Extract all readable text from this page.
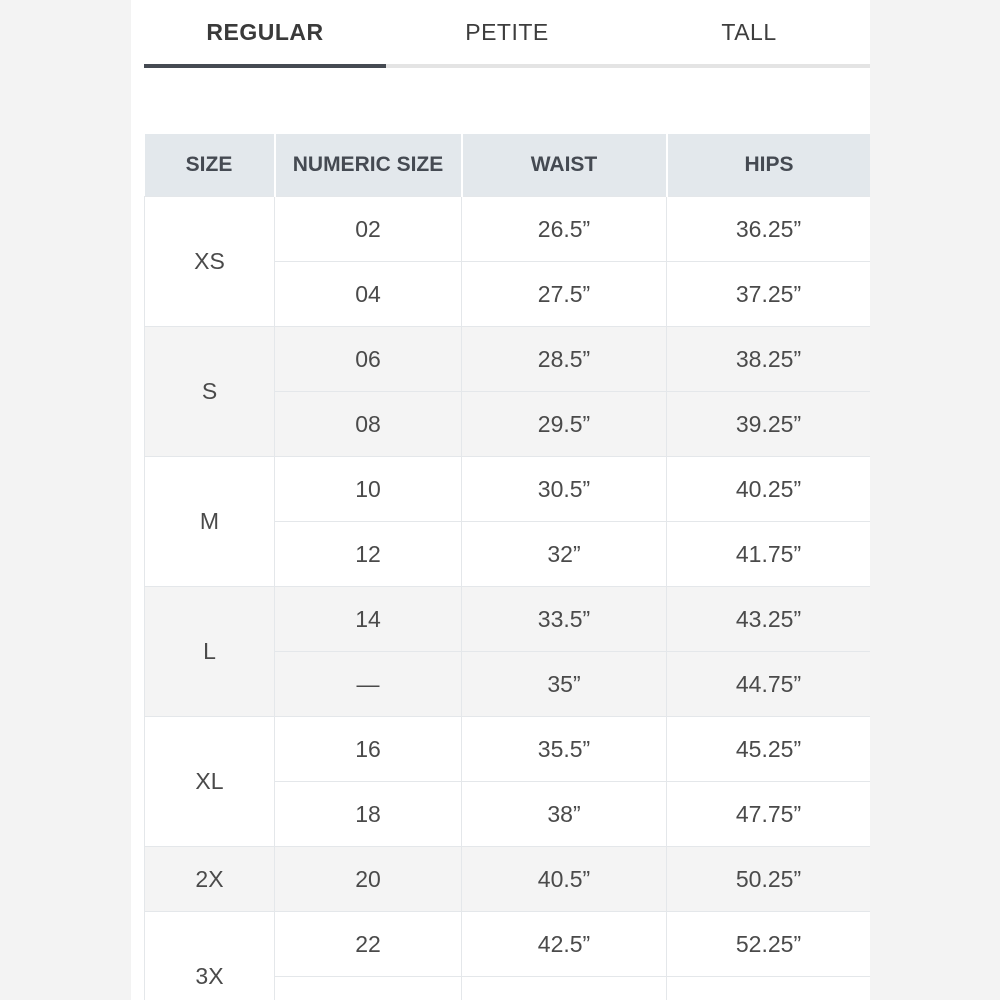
REGULAR	PETITE	TALL
SIZE	NUMERIC SIZE	WAIST	HIPS
XS	02	26.5”	36.25”
	04	27.5”	37.25”
S	06	28.5”	38.25”
	08	29.5”	39.25”
M	10	30.5”	40.25”
	12	32”	41.75”
L	14	33.5”	43.25”
	—	35”	44.75”
XL	16	35.5”	45.25”
	18	38”	47.75”
2X	20	40.5”	50.25”
3X	22	42.5”	52.25”
